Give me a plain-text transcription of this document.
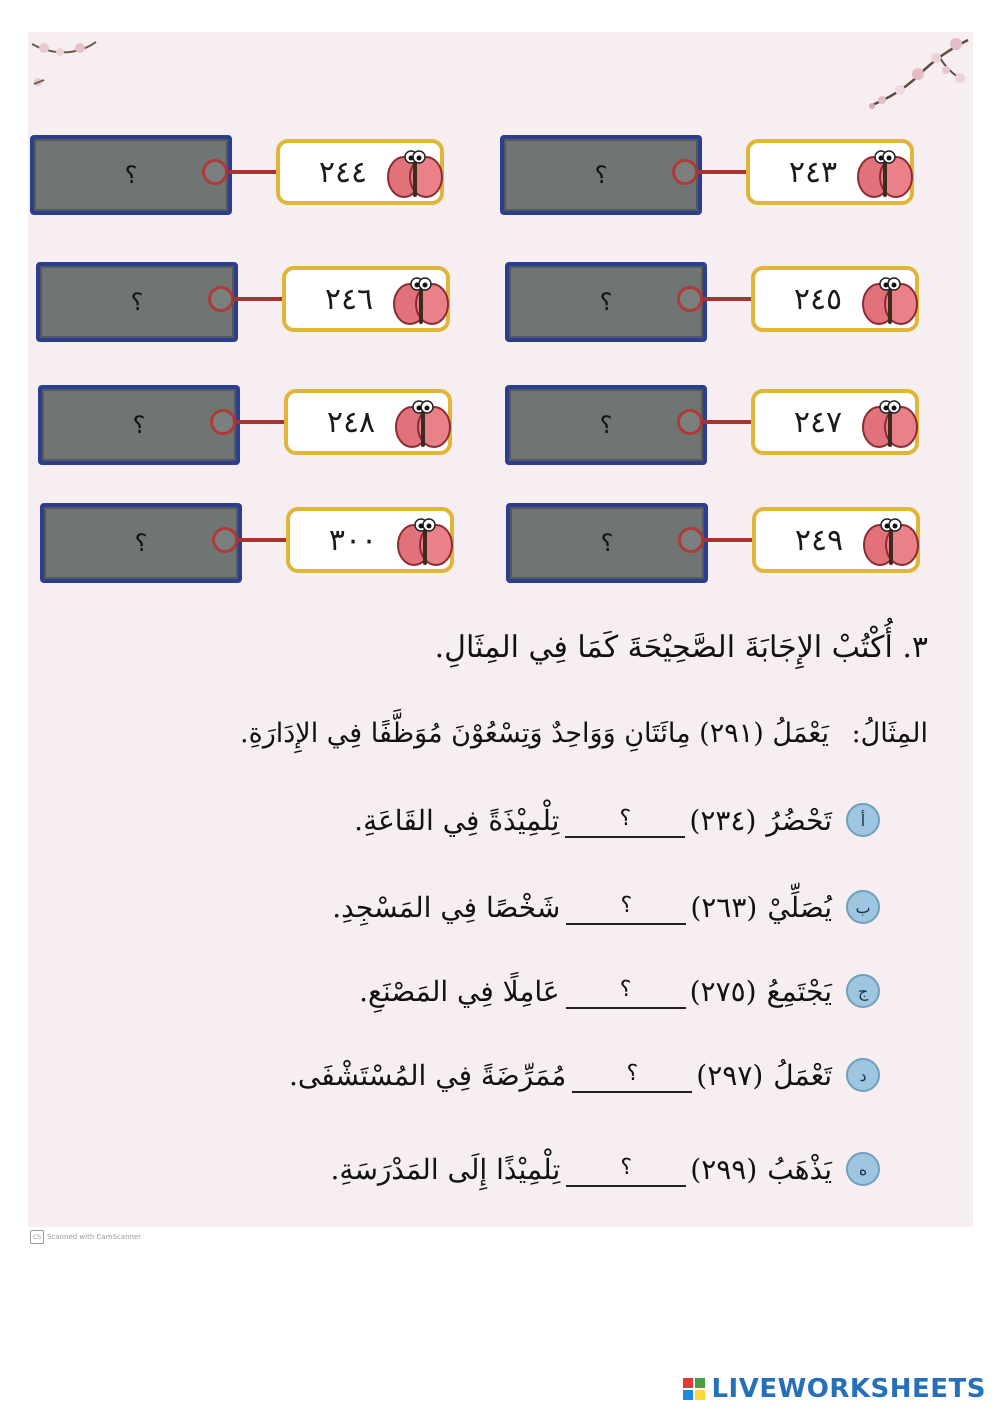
؟	٢٤٣
؟	٢٤٤
؟	٢٤٥
؟	٢٤٦
؟	٢٤٧
؟	٢٤٨
؟	٢٤٩
؟	٣٠٠
٣. أُكْتُبْ الإِجَابَةَ الصَّحِيْحَةَ كَمَا فِي المِثَالِ.
المِثَالُ: يَعْمَلُ (٢٩١) مِائَتَانِ وَوَاحِدٌ وَتِسْعُوْنَ مُوَظَّفًا فِي الإِدَارَةِ.
أ
تَحْضُرُ
(٢٣٤)
؟
تِلْمِيْذَةً فِي القَاعَةِ.
ب
يُصَلِّيْ
(٢٦٣)
؟
شَخْصًا فِي المَسْجِدِ.
ج
يَجْتَمِعُ
(٢٧٥)
؟
عَامِلًا فِي المَصْنَعِ.
د
تَعْمَلُ
(٢٩٧)
؟
مُمَرِّضَةً فِي المُسْتَشْفَى.
ه
يَذْهَبُ
(٢٩٩)
؟
تِلْمِيْذًا إِلَى المَدْرَسَةِ.
CS Scanned with CamScanner
LIVEWORKSHEETS
